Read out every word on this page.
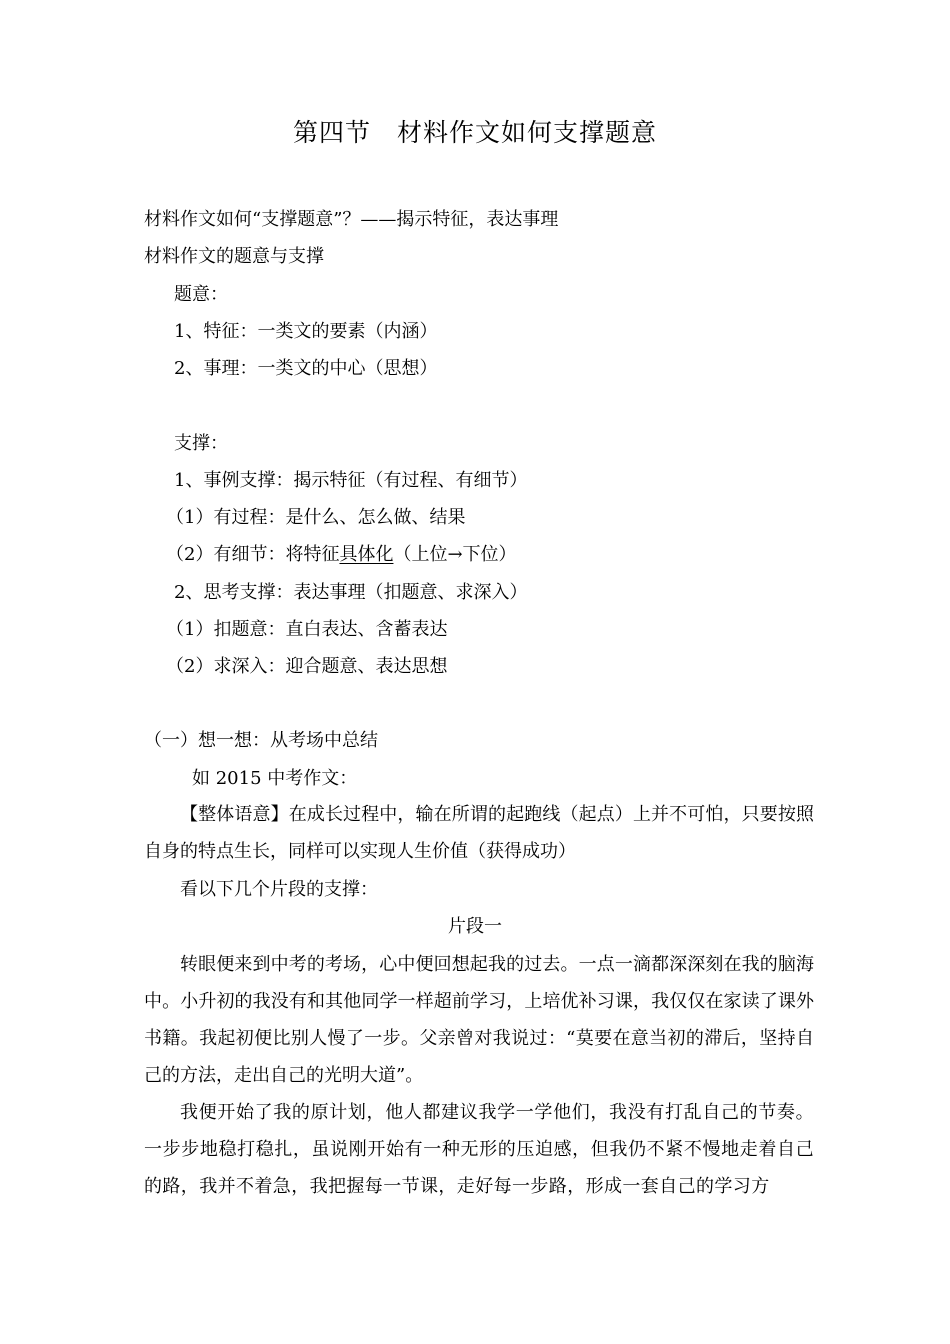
第四节　材料作文如何支撑题意
材料作文如何“支撑题意”？——揭示特征，表达事理
材料作文的题意与支撑
题意：
1、特征：一类文的要素（内涵）
2、事理：一类文的中心（思想）
支撑：
1、事例支撑：揭示特征（有过程、有细节）
（1）有过程：是什么、怎么做、结果
（2）有细节：将特征具体化（上位→下位）
2、思考支撑：表达事理（扣题意、求深入）
（1）扣题意：直白表达、含蓄表达
（2）求深入：迎合题意、表达思想
（一）想一想：从考场中总结
如 2015 中考作文：
【整体语意】在成长过程中，输在所谓的起跑线（起点）上并不可怕，只要按照自身的特点生长，同样可以实现人生价值（获得成功）
看以下几个片段的支撑：
片段一
转眼便来到中考的考场，心中便回想起我的过去。一点一滴都深深刻在我的脑海中。小升初的我没有和其他同学一样超前学习，上培优补习课，我仅仅在家读了课外书籍。我起初便比别人慢了一步。父亲曾对我说过：“莫要在意当初的滞后，坚持自己的方法，走出自己的光明大道”。
我便开始了我的原计划，他人都建议我学一学他们，我没有打乱自己的节奏。一步步地稳打稳扎，虽说刚开始有一种无形的压迫感，但我仍不紧不慢地走着自己的路，我并不着急，我把握每一节课，走好每一步路，形成一套自己的学习方
